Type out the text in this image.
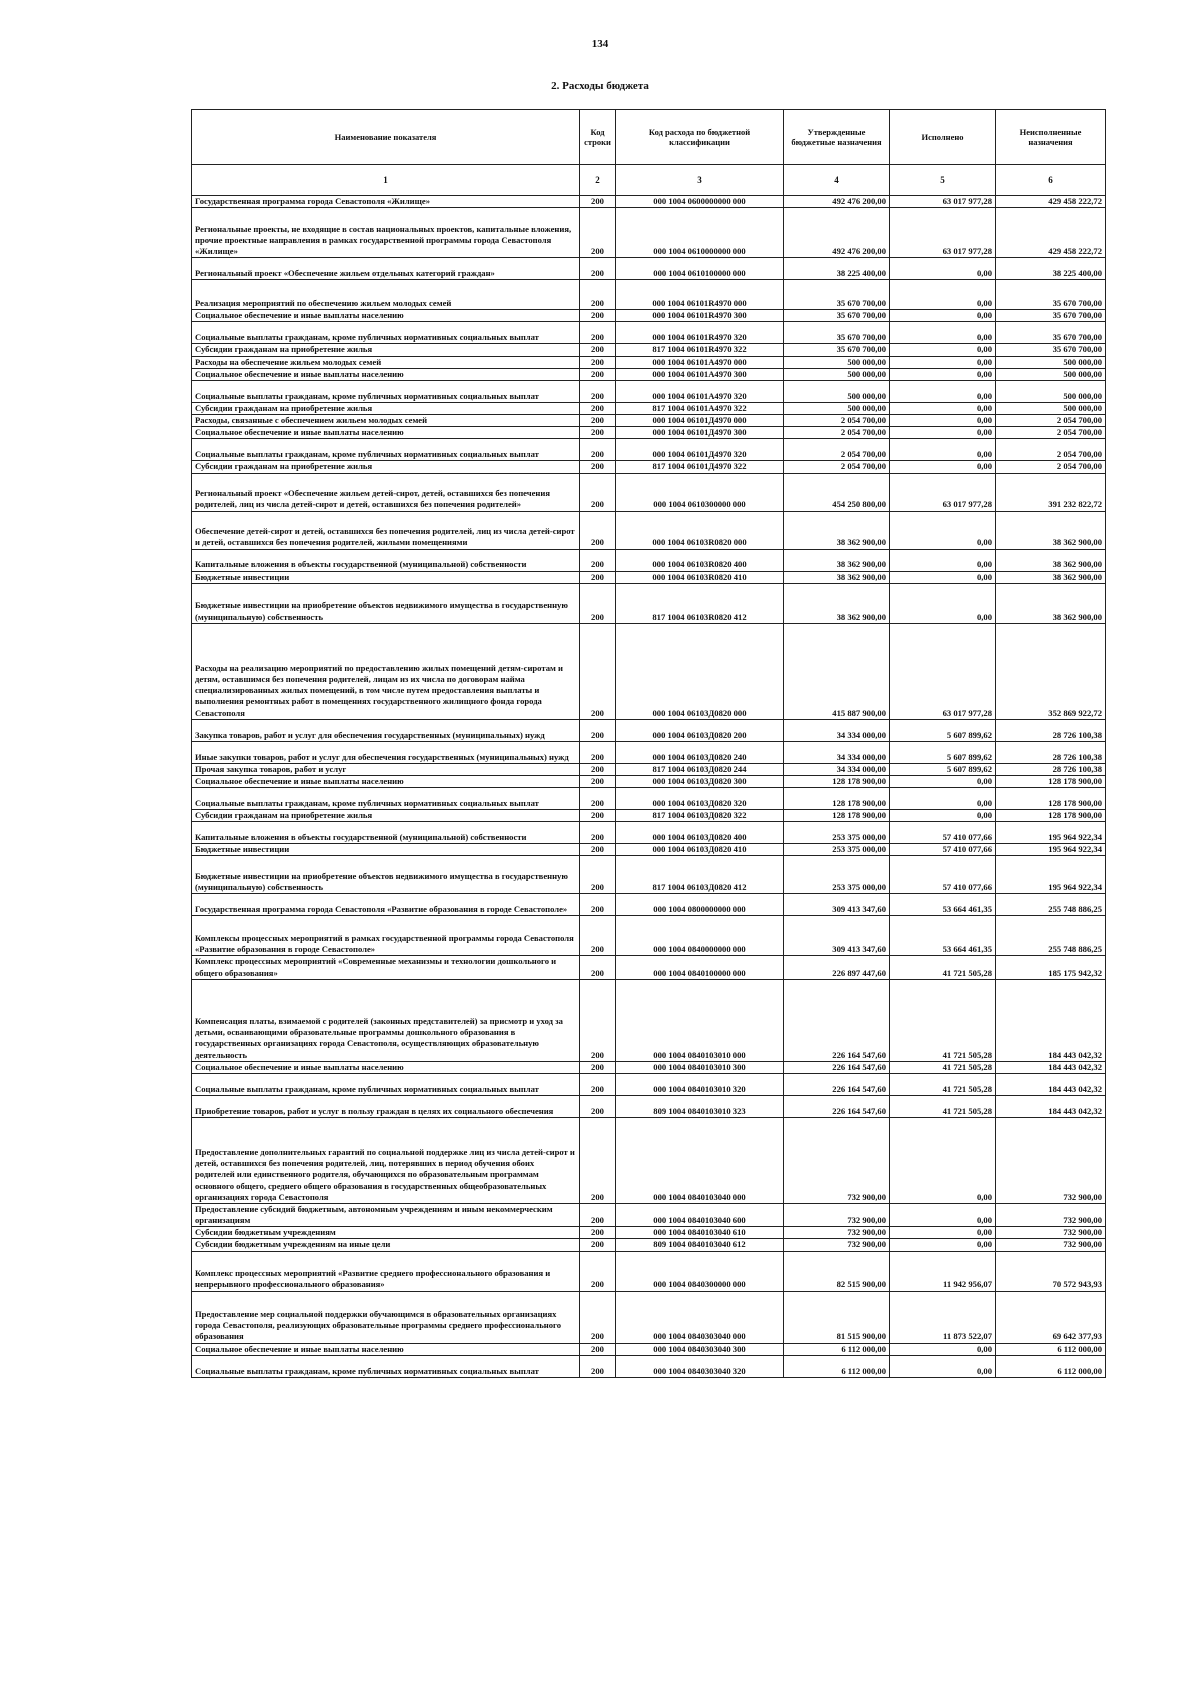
134
2. Расходы бюджета
Наименование показателя	Код строки	Код расхода по бюджетной классификации	Утвержденные бюджетные назначения	Исполнено	Неисполненные назначения
1	2	3	4	5	6
Государственная программа города Севастополя «Жилище»	200	000 1004 0600000000 000	492 476 200,00	63 017 977,28	429 458 222,72
Региональные проекты, не входящие в состав национальных проектов, капитальные вложения, прочие проектные направления в рамках государственной программы города Севастополя «Жилище»	200	000 1004 0610000000 000	492 476 200,00	63 017 977,28	429 458 222,72
Региональный проект «Обеспечение жильем отдельных категорий граждан»	200	000 1004 0610100000 000	38 225 400,00	0,00	38 225 400,00
Реализация мероприятий по обеспечению жильем молодых семей	200	000 1004 06101R4970 000	35 670 700,00	0,00	35 670 700,00
Социальное обеспечение и иные выплаты населению	200	000 1004 06101R4970 300	35 670 700,00	0,00	35 670 700,00
Социальные выплаты гражданам, кроме публичных нормативных социальных выплат	200	000 1004 06101R4970 320	35 670 700,00	0,00	35 670 700,00
Субсидии гражданам на приобретение жилья	200	817 1004 06101R4970 322	35 670 700,00	0,00	35 670 700,00
Расходы на обеспечение жильем молодых семей	200	000 1004 06101А4970 000	500 000,00	0,00	500 000,00
Социальное обеспечение и иные выплаты населению	200	000 1004 06101А4970 300	500 000,00	0,00	500 000,00
Социальные выплаты гражданам, кроме публичных нормативных социальных выплат	200	000 1004 06101А4970 320	500 000,00	0,00	500 000,00
Субсидии гражданам на приобретение жилья	200	817 1004 06101А4970 322	500 000,00	0,00	500 000,00
Расходы, связанные с обеспечением жильем молодых семей	200	000 1004 06101Д4970 000	2 054 700,00	0,00	2 054 700,00
Социальное обеспечение и иные выплаты населению	200	000 1004 06101Д4970 300	2 054 700,00	0,00	2 054 700,00
Социальные выплаты гражданам, кроме публичных нормативных социальных выплат	200	000 1004 06101Д4970 320	2 054 700,00	0,00	2 054 700,00
Субсидии гражданам на приобретение жилья	200	817 1004 06101Д4970 322	2 054 700,00	0,00	2 054 700,00
Региональный проект «Обеспечение жильем детей-сирот, детей, оставшихся без попечения родителей, лиц из числа детей-сирот и детей, оставшихся без попечения родителей»	200	000 1004 0610300000 000	454 250 800,00	63 017 977,28	391 232 822,72
Обеспечение детей-сирот и детей, оставшихся без попечения родителей, лиц из числа детей-сирот и детей, оставшихся без попечения родителей, жилыми помещениями	200	000 1004 06103R0820 000	38 362 900,00	0,00	38 362 900,00
Капитальные вложения в объекты государственной (муниципальной) собственности	200	000 1004 06103R0820 400	38 362 900,00	0,00	38 362 900,00
Бюджетные инвестиции	200	000 1004 06103R0820 410	38 362 900,00	0,00	38 362 900,00
Бюджетные инвестиции на приобретение объектов недвижимого имущества в государственную (муниципальную) собственность	200	817 1004 06103R0820 412	38 362 900,00	0,00	38 362 900,00
Расходы на реализацию мероприятий по предоставлению жилых помещений детям-сиротам и детям, оставшимся без попечения родителей, лицам из их числа по договорам найма специализированных жилых помещений, в том числе путем предоставления выплаты и выполнения ремонтных работ в помещениях государственного жилищного фонда города Севастополя	200	000 1004 06103Д0820 000	415 887 900,00	63 017 977,28	352 869 922,72
Закупка товаров, работ и услуг для обеспечения государственных (муниципальных) нужд	200	000 1004 06103Д0820 200	34 334 000,00	5 607 899,62	28 726 100,38
Иные закупки товаров, работ и услуг для обеспечения государственных (муниципальных) нужд	200	000 1004 06103Д0820 240	34 334 000,00	5 607 899,62	28 726 100,38
Прочая закупка товаров, работ и услуг	200	817 1004 06103Д0820 244	34 334 000,00	5 607 899,62	28 726 100,38
Социальное обеспечение и иные выплаты населению	200	000 1004 06103Д0820 300	128 178 900,00	0,00	128 178 900,00
Социальные выплаты гражданам, кроме публичных нормативных социальных выплат	200	000 1004 06103Д0820 320	128 178 900,00	0,00	128 178 900,00
Субсидии гражданам на приобретение жилья	200	817 1004 06103Д0820 322	128 178 900,00	0,00	128 178 900,00
Капитальные вложения в объекты государственной (муниципальной) собственности	200	000 1004 06103Д0820 400	253 375 000,00	57 410 077,66	195 964 922,34
Бюджетные инвестиции	200	000 1004 06103Д0820 410	253 375 000,00	57 410 077,66	195 964 922,34
Бюджетные инвестиции на приобретение объектов недвижимого имущества в государственную (муниципальную) собственность	200	817 1004 06103Д0820 412	253 375 000,00	57 410 077,66	195 964 922,34
Государственная программа города Севастополя «Развитие образования в городе Севастополе»	200	000 1004 0800000000 000	309 413 347,60	53 664 461,35	255 748 886,25
Комплексы процессных мероприятий в рамках государственной программы города Севастополя «Развитие образования в городе Севастополе»	200	000 1004 0840000000 000	309 413 347,60	53 664 461,35	255 748 886,25
Комплекс процессных мероприятий «Современные механизмы и технологии дошкольного и общего образования»	200	000 1004 0840100000 000	226 897 447,60	41 721 505,28	185 175 942,32
Компенсация платы, взимаемой с родителей (законных представителей) за присмотр и уход за детьми, осваивающими образовательные программы дошкольного образования в государственных организациях города Севастополя, осуществляющих образовательную деятельность	200	000 1004 0840103010 000	226 164 547,60	41 721 505,28	184 443 042,32
Социальное обеспечение и иные выплаты населению	200	000 1004 0840103010 300	226 164 547,60	41 721 505,28	184 443 042,32
Социальные выплаты гражданам, кроме публичных нормативных социальных выплат	200	000 1004 0840103010 320	226 164 547,60	41 721 505,28	184 443 042,32
Приобретение товаров, работ и услуг в пользу граждан в целях их социального обеспечения	200	809 1004 0840103010 323	226 164 547,60	41 721 505,28	184 443 042,32
Предоставление дополнительных гарантий по социальной поддержке лиц из числа детей-сирот и детей, оставшихся без попечения родителей, лиц, потерявших в период обучения обоих родителей или единственного родителя, обучающихся по образовательным программам основного общего, среднего общего образования в государственных общеобразовательных организациях города Севастополя	200	000 1004 0840103040 000	732 900,00	0,00	732 900,00
Предоставление субсидий бюджетным, автономным учреждениям и иным некоммерческим организациям	200	000 1004 0840103040 600	732 900,00	0,00	732 900,00
Субсидии бюджетным учреждениям	200	000 1004 0840103040 610	732 900,00	0,00	732 900,00
Субсидии бюджетным учреждениям на иные цели	200	809 1004 0840103040 612	732 900,00	0,00	732 900,00
Комплекс процессных мероприятий «Развитие среднего профессионального образования и непрерывного профессионального образования»	200	000 1004 0840300000 000	82 515 900,00	11 942 956,07	70 572 943,93
Предоставление мер социальной поддержки обучающимся в образовательных организациях города Севастополя, реализующих образовательные программы среднего профессионального образования	200	000 1004 0840303040 000	81 515 900,00	11 873 522,07	69 642 377,93
Социальное обеспечение и иные выплаты населению	200	000 1004 0840303040 300	6 112 000,00	0,00	6 112 000,00
Социальные выплаты гражданам, кроме публичных нормативных социальных выплат	200	000 1004 0840303040 320	6 112 000,00	0,00	6 112 000,00
